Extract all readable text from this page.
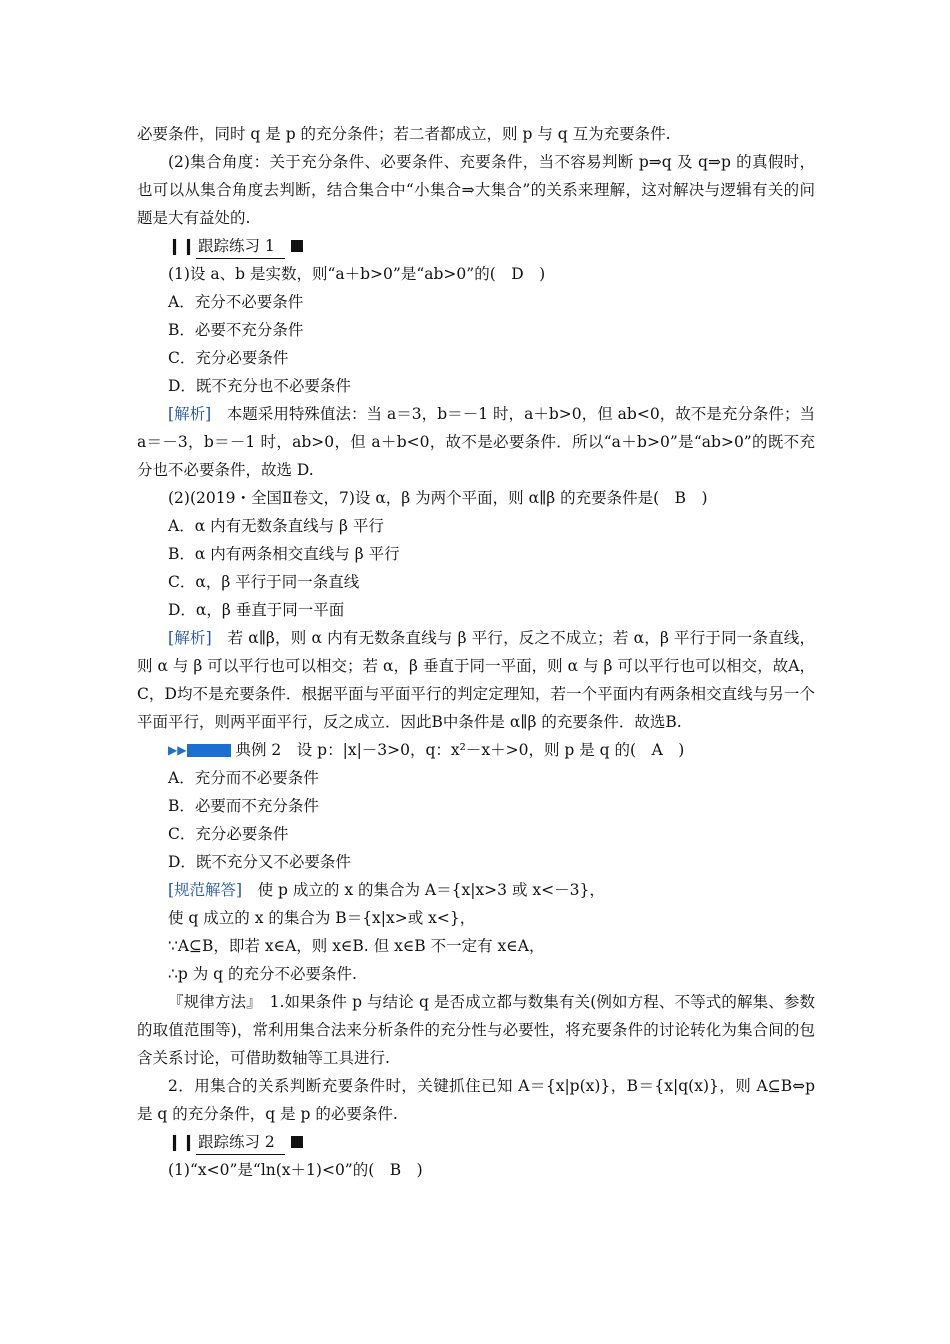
必要条件，同时 q 是 p 的充分条件；若二者都成立，则 p 与 q 互为充要条件.

(2)集合角度：关于充分条件、必要条件、充要条件，当不容易判断 p⇒q 及 q⇒p 的真假时，也可以从集合角度去判断，结合集合中“小集合⇒大集合”的关系来理解，这对解决与逻辑有关的问题是大有益处的.

❙❙ 跟踪练习 1

(1)设 a、b 是实数，则“a＋b>0”是“ab>0”的(　D　)

A．充分不必要条件

B．必要不充分条件

C．充分必要条件

D．既不充分也不必要条件

[解析]　本题采用特殊值法：当 a＝3，b＝－1 时，a＋b>0，但 ab<0，故不是充分条件；当 a＝－3，b＝－1 时，ab>0，但 a＋b<0，故不是必要条件．所以“a＋b>0”是“ab>0”的既不充分也不必要条件，故选 D.

(2)(2019・全国Ⅱ卷文，7)设 α，β 为两个平面，则 α∥β 的充要条件是(　B　)

A．α 内有无数条直线与 β 平行

B．α 内有两条相交直线与 β 平行

C．α，β 平行于同一条直线

D．α，β 垂直于同一平面

[解析]　若 α∥β，则 α 内有无数条直线与 β 平行，反之不成立；若 α，β 平行于同一条直线，则 α 与 β 可以平行也可以相交；若 α，β 垂直于同一平面，则 α 与 β 可以平行也可以相交，故A，C，D均不是充要条件．根据平面与平面平行的判定定理知，若一个平面内有两条相交直线与另一个平面平行，则两平面平行，反之成立．因此B中条件是 α∥β 的充要条件．故选B.

▶▶	典例 2　设 p：|x|－3>0，q：x²－x＋>0，则 p 是 q 的(　A　)

A．充分而不必要条件

B．必要而不充分条件

C．充分必要条件

D．既不充分又不必要条件

[规范解答]　使 p 成立的 x 的集合为 A＝{x|x>3 或 x<－3}，

使 q 成立的 x 的集合为 B＝{x|x>或 x<}，

∵A⊆B，即若 x∈A，则 x∈B. 但 x∈B 不一定有 x∈A，

∴p 为 q 的充分不必要条件.

『规律方法』　1.如果条件 p 与结论 q 是否成立都与数集有关(例如方程、不等式的解集、参数的取值范围等)，常利用集合法来分析条件的充分性与必要性，将充要条件的讨论转化为集合间的包含关系讨论，可借助数轴等工具进行.

2．用集合的关系判断充要条件时，关键抓住已知 A＝{x|p(x)}，B＝{x|q(x)}，则 A⊆B⇔p 是 q 的充分条件，q 是 p 的必要条件.

❙❙ 跟踪练习 2

(1)“x<0”是“ln(x＋1)<0”的(　B　)
